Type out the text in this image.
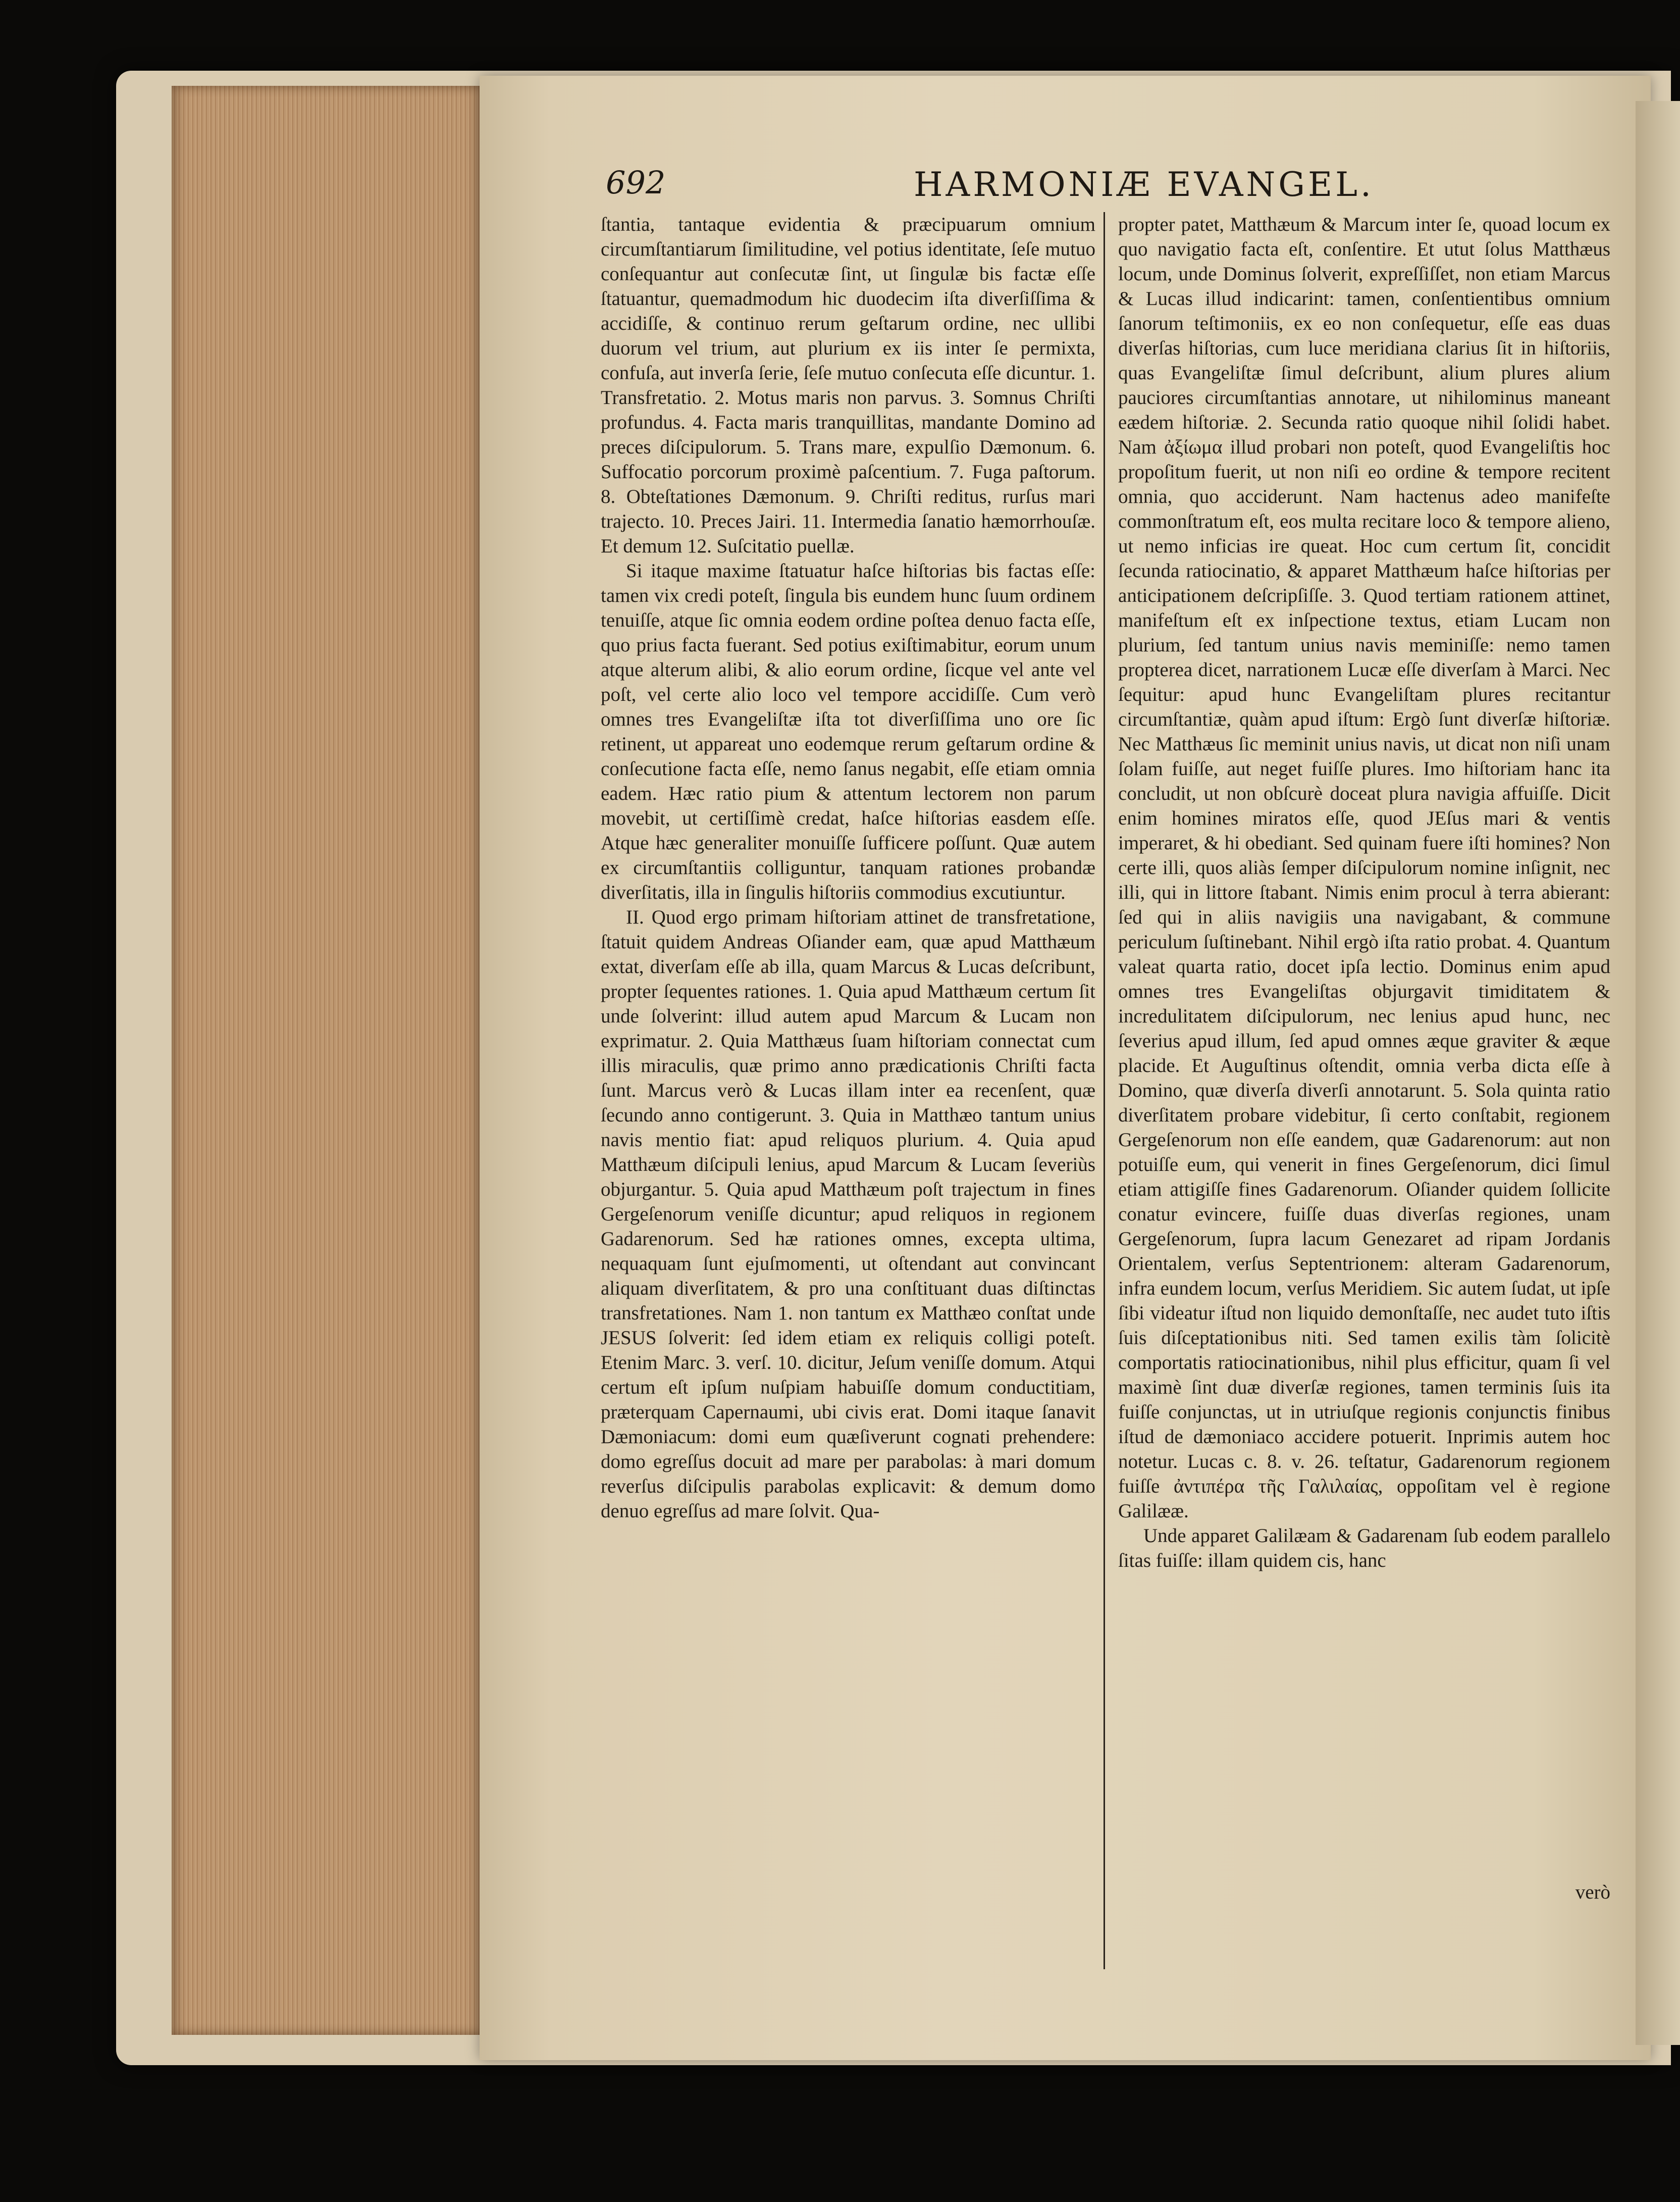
692	HARMONIÆ EVANGEL.

ſtantia, tantaque evidentia & præcipuarum omnium circumſtantiarum ſimilitudine, vel potius identitate, ſeſe mutuo conſequantur aut conſecutæ ſint, ut ſingulæ bis factæ eſſe ſtatuantur, quemadmodum hic duodecim iſta diverſiſſima & accidiſſe, & continuo rerum geſtarum ordine, nec ullibi duorum vel trium, aut plurium ex iis inter ſe permixta, confuſa, aut inverſa ſerie, ſeſe mutuo conſecuta eſſe dicuntur. 1. Transfretatio. 2. Motus maris non parvus. 3. Somnus Chriſti profundus. 4. Facta maris tranquillitas, mandante Domino ad preces diſcipulorum. 5. Trans mare, expulſio Dæmonum. 6. Suffocatio porcorum proximè paſcentium. 7. Fuga paſtorum. 8. Obteſtationes Dæmonum. 9. Chriſti reditus, rurſus mari trajecto. 10. Preces Jairi. 11. Intermedia ſanatio hæmorrhouſæ. Et demum 12. Suſcitatio puellæ.

Si itaque maxime ſtatuatur haſce hiſtorias bis factas eſſe: tamen vix credi poteſt, ſingula bis eundem hunc ſuum ordinem tenuiſſe, atque ſic omnia eodem ordine poſtea denuo facta eſſe, quo prius facta fuerant. Sed potius exiſtimabitur, eorum unum atque alterum alibi, & alio eorum ordine, ſicque vel ante vel poſt, vel certe alio loco vel tempore accidiſſe. Cum verò omnes tres Evangeliſtæ iſta tot diverſiſſima uno ore ſic retinent, ut appareat uno eodemque rerum geſtarum ordine & conſecutione facta eſſe, nemo ſanus negabit, eſſe etiam omnia eadem. Hæc ratio pium & attentum lectorem non parum movebit, ut certiſſimè credat, haſce hiſtorias easdem eſſe. Atque hæc generaliter monuiſſe ſufficere poſſunt. Quæ autem ex circumſtantiis colliguntur, tanquam rationes probandæ diverſitatis, illa in ſingulis hiſtoriis commodius excutiuntur.

II. Quod ergo primam hiſtoriam attinet de transfretatione, ſtatuit quidem Andreas Oſiander eam, quæ apud Matthæum extat, diverſam eſſe ab illa, quam Marcus & Lucas deſcribunt, propter ſequentes rationes. 1. Quia apud Matthæum certum ſit unde ſolverint: illud autem apud Marcum & Lucam non exprimatur. 2. Quia Matthæus ſuam hiſtoriam connectat cum illis miraculis, quæ primo anno prædicationis Chriſti facta ſunt. Marcus verò & Lucas illam inter ea recenſent, quæ ſecundo anno contigerunt. 3. Quia in Matthæo tantum unius navis mentio fiat: apud reliquos plurium. 4. Quia apud Matthæum diſcipuli lenius, apud Marcum & Lucam ſeveriùs objurgantur. 5. Quia apud Matthæum poſt trajectum in fines Gergeſenorum veniſſe dicuntur; apud reliquos in regionem Gadarenorum. Sed hæ rationes omnes, excepta ultima, nequaquam ſunt ejuſmomenti, ut oſtendant aut convincant aliquam diverſitatem, & pro una conſtituant duas diſtinctas transfretationes. Nam 1. non tantum ex Matthæo conſtat unde JESUS ſolverit: ſed idem etiam ex reliquis colligi poteſt. Etenim Marc. 3. verſ. 10. dicitur, Jeſum veniſſe domum. Atqui certum eſt ipſum nuſpiam habuiſſe domum conductitiam, præterquam Capernaumi, ubi civis erat. Domi itaque ſanavit Dæmoniacum: domi eum quæſiverunt cognati prehendere: domo egreſſus docuit ad mare per parabolas: à mari domum reverſus diſcipulis parabolas explicavit: & demum domo denuo egreſſus ad mare ſolvit. Qua-

propter patet, Matthæum & Marcum inter ſe, quoad locum ex quo navigatio facta eſt, conſentire. Et utut ſolus Matthæus locum, unde Dominus ſolverit, expreſſiſſet, non etiam Marcus & Lucas illud indicarint: tamen, conſentientibus omnium ſanorum teſtimoniis, ex eo non conſequetur, eſſe eas duas diverſas hiſtorias, cum luce meridiana clarius ſit in hiſtoriis, quas Evangeliſtæ ſimul deſcribunt, alium plures alium pauciores circumſtantias annotare, ut nihilominus maneant eædem hiſtoriæ. 2. Secunda ratio quoque nihil ſolidi habet. Nam ἀξίωμα illud probari non poteſt, quod Evangeliſtis hoc propoſitum fuerit, ut non niſi eo ordine & tempore recitent omnia, quo acciderunt. Nam hactenus adeo manifeſte commonſtratum eſt, eos multa recitare loco & tempore alieno, ut nemo inficias ire queat. Hoc cum certum ſit, concidit ſecunda ratiocinatio, & apparet Matthæum haſce hiſtorias per anticipationem deſcripſiſſe. 3. Quod tertiam rationem attinet, manifeſtum eſt ex inſpectione textus, etiam Lucam non plurium, ſed tantum unius navis meminiſſe: nemo tamen propterea dicet, narrationem Lucæ eſſe diverſam à Marci. Nec ſequitur: apud hunc Evangeliſtam plures recitantur circumſtantiæ, quàm apud iſtum: Ergò ſunt diverſæ hiſtoriæ. Nec Matthæus ſic meminit unius navis, ut dicat non niſi unam ſolam fuiſſe, aut neget fuiſſe plures. Imo hiſtoriam hanc ita concludit, ut non obſcurè doceat plura navigia affuiſſe. Dicit enim homines miratos eſſe, quod JEſus mari & ventis imperaret, & hi obediant. Sed quinam fuere iſti homines? Non certe illi, quos aliàs ſemper diſcipulorum nomine inſignit, nec illi, qui in littore ſtabant. Nimis enim procul à terra abierant: ſed qui in aliis navigiis una navigabant, & commune periculum ſuſtinebant. Nihil ergò iſta ratio probat. 4. Quantum valeat quarta ratio, docet ipſa lectio. Dominus enim apud omnes tres Evangeliſtas objurgavit timiditatem & incredulitatem diſcipulorum, nec lenius apud hunc, nec ſeverius apud illum, ſed apud omnes æque graviter & æque placide. Et Auguſtinus oſtendit, omnia verba dicta eſſe à Domino, quæ diverſa diverſi annotarunt. 5. Sola quinta ratio diverſitatem probare videbitur, ſi certo conſtabit, regionem Gergeſenorum non eſſe eandem, quæ Gadarenorum: aut non potuiſſe eum, qui venerit in fines Gergeſenorum, dici ſimul etiam attigiſſe fines Gadarenorum. Oſiander quidem ſollicite conatur evincere, fuiſſe duas diverſas regiones, unam Gergeſenorum, ſupra lacum Genezaret ad ripam Jordanis Orientalem, verſus Septentrionem: alteram Gadarenorum, infra eundem locum, verſus Meridiem. Sic autem ſudat, ut ipſe ſibi videatur iſtud non liquido demonſtaſſe, nec audet tuto iſtis ſuis diſceptationibus niti. Sed tamen exilis tàm ſolicitè comportatis ratiocinationibus, nihil plus efficitur, quam ſi vel maximè ſint duæ diverſæ regiones, tamen terminis ſuis ita fuiſſe conjunctas, ut in utriuſque regionis conjunctis finibus iſtud de dæmoniaco accidere potuerit. Inprimis autem hoc notetur. Lucas c. 8. v. 26. teſtatur, Gadarenorum regionem fuiſſe ἀντιπέρα τῆς Γαλιλαίας, oppoſitam vel è regione Galilææ.

Unde apparet Galilæam & Gadarenam ſub eodem parallelo ſitas fuiſſe: illam quidem cis, hanc

verò
